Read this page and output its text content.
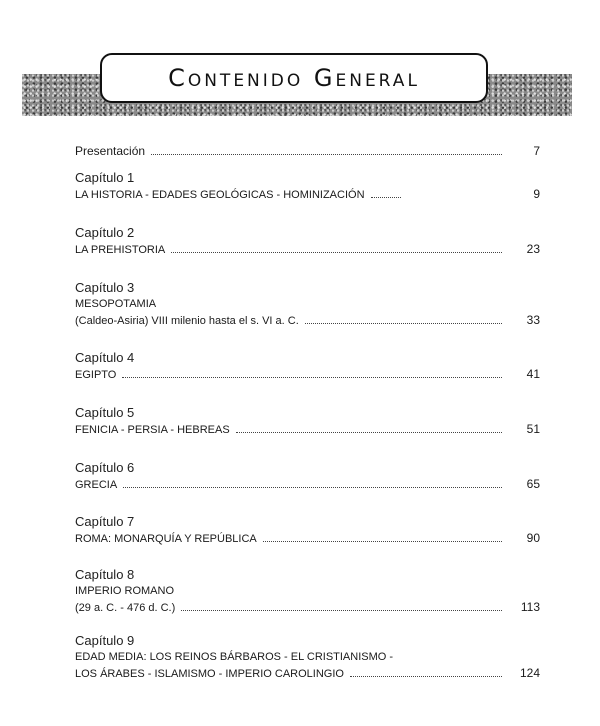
Contenido General
Presentación	7
Capítulo 1
LA HISTORIA - EDADES GEOLÓGICAS - HOMINIZACIÓN	9
Capítulo 2
LA PREHISTORIA	23
Capítulo 3
MESOPOTAMIA
(Caldeo-Asiria) VIII milenio hasta el s. VI a. C.	33
Capítulo 4
EGIPTO	41
Capítulo 5
FENICIA - PERSIA - HEBREAS	51
Capítulo 6
GRECIA	65
Capítulo 7
ROMA: MONARQUÍA Y REPÚBLICA	90
Capítulo 8
IMPERIO ROMANO
(29 a. C. - 476 d. C.)	113
Capítulo 9
EDAD MEDIA: LOS REINOS BÁRBAROS - EL CRISTIANISMO -
LOS ÁRABES - ISLAMISMO - IMPERIO CAROLINGIO	124
